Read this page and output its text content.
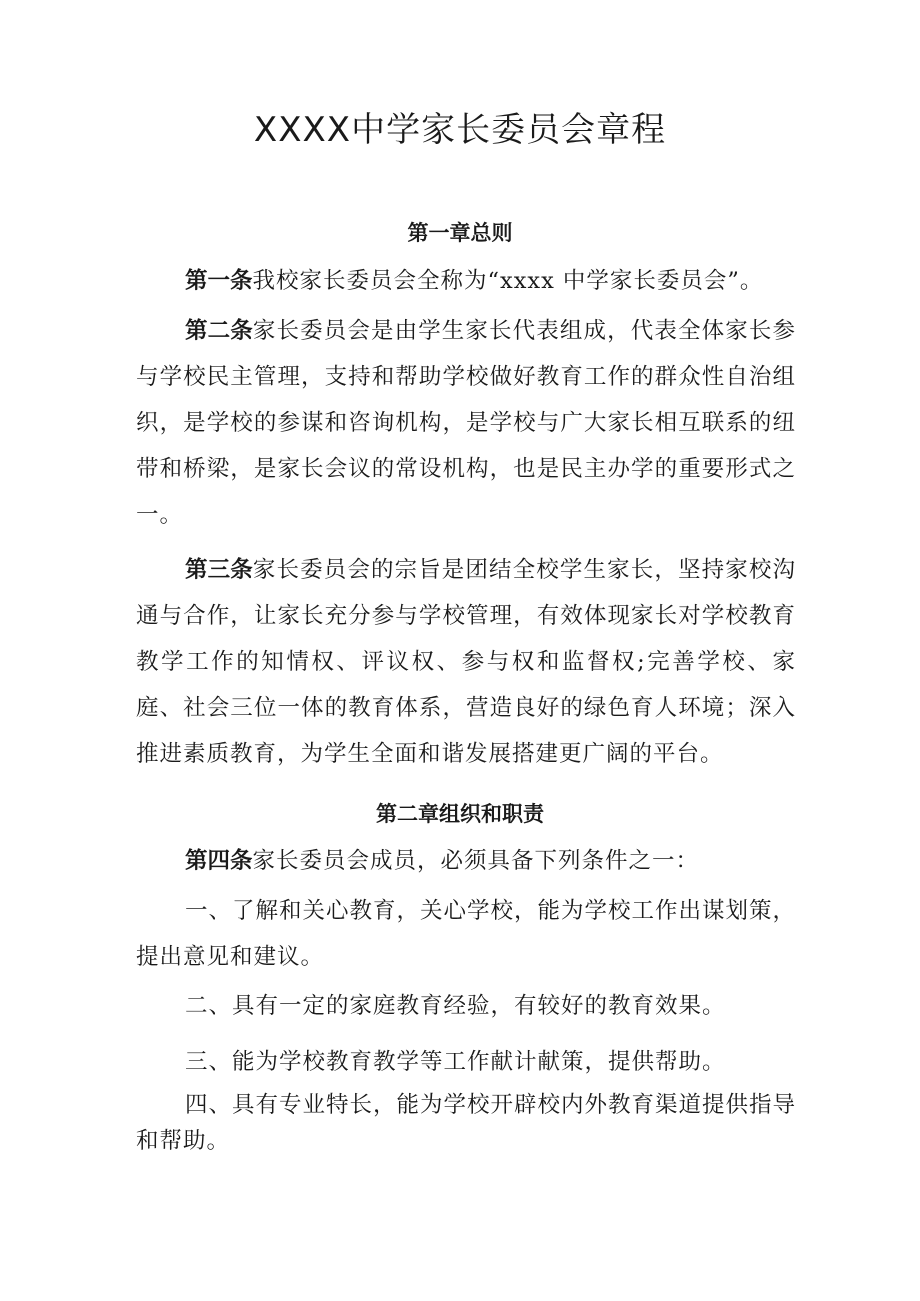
XXXX中学家长委员会章程
第一章总则

第一条我校家长委员会全称为“xxxx 中学家长委员会”。

第二条家长委员会是由学生家长代表组成，代表全体家长参与学校民主管理，支持和帮助学校做好教育工作的群众性自治组织，是学校的参谋和咨询机构，是学校与广大家长相互联系的纽带和桥梁，是家长会议的常设机构，也是民主办学的重要形式之一。

第三条家长委员会的宗旨是团结全校学生家长，坚持家校沟通与合作，让家长充分参与学校管理，有效体现家长对学校教育教学工作的知情权、评议权、参与权和监督权;完善学校、家庭、社会三位一体的教育体系，营造良好的绿色育人环境；深入推进素质教育，为学生全面和谐发展搭建更广阔的平台。

第二章组织和职责

第四条家长委员会成员，必须具备下列条件之一：

一、了解和关心教育，关心学校，能为学校工作出谋划策，提出意见和建议。

二、具有一定的家庭教育经验，有较好的教育效果。

三、能为学校教育教学等工作献计献策，提供帮助。

四、具有专业特长，能为学校开辟校内外教育渠道提供指导和帮助。
